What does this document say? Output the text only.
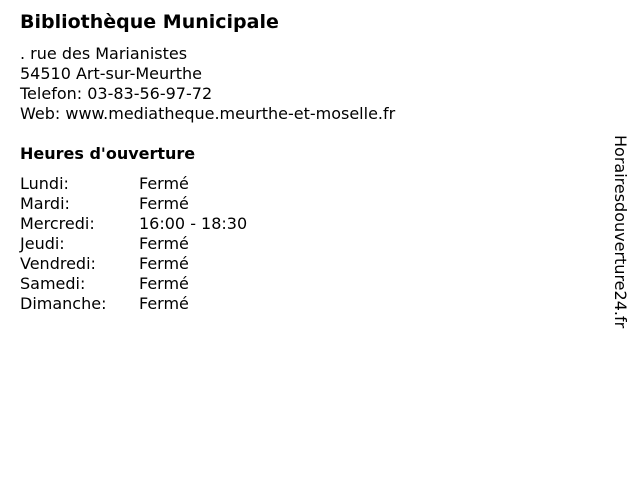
Bibliothèque Municipale
. rue des Marianistes
54510 Art-sur-Meurthe
Telefon: 03-83-56-97-72
Web: www.mediatheque.meurthe-et-moselle.fr
Heures d'ouverture
Lundi:	Fermé
Mardi:	Fermé
Mercredi:	16:00 - 18:30
Jeudi:	Fermé
Vendredi:	Fermé
Samedi:	Fermé
Dimanche:	Fermé	Horairesdouverture24.fr
